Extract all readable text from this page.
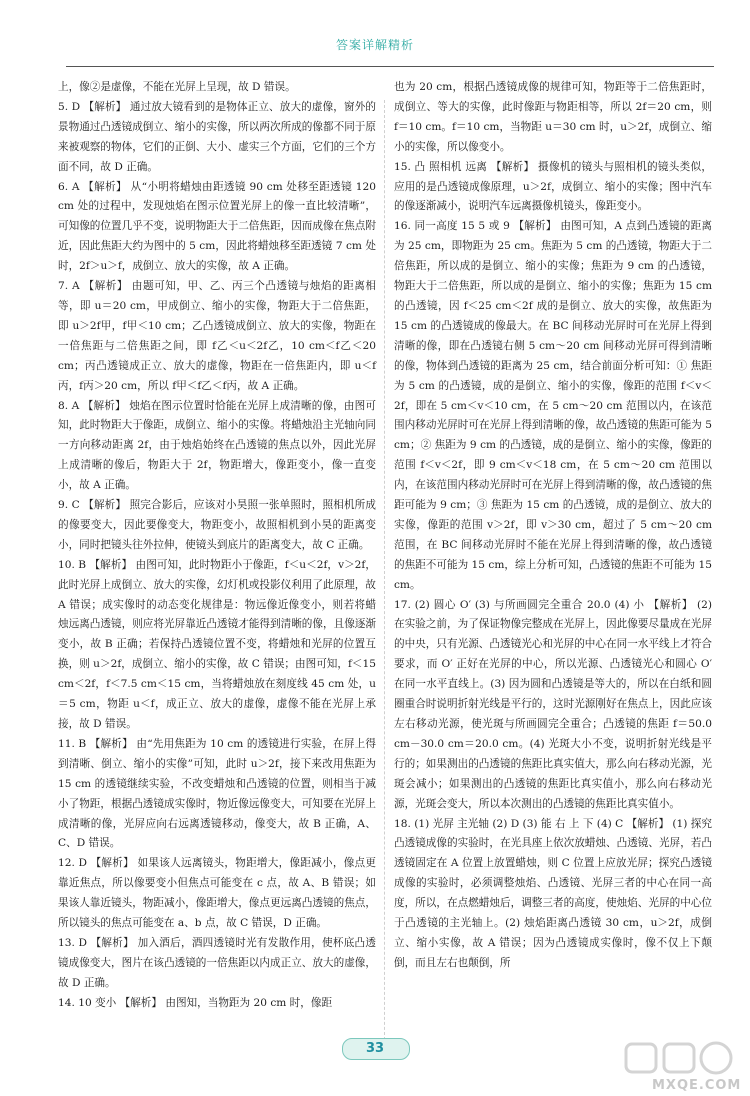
答案详解精析

上，像②是虚像，不能在光屏上呈现，故 D 错误。

5. D 【解析】 通过放大镜看到的是物体正立、放大的虚像，窗外的景物通过凸透镜成倒立、缩小的实像，所以两次所成的像都不同于原来被观察的物体，它们的正倒、大小、虚实三个方面，它们的三个方面不同，故 D 正确。

6. A 【解析】 从“小明将蜡烛由距透镜 90 cm 处移至距透镜 120 cm 处的过程中，发现烛焰在图示位置光屏上的像一直比较清晰”，可知像的位置几乎不变，说明物距大于二倍焦距，因而成像在焦点附近，因此焦距大约为图中的 5 cm，因此将蜡烛移至距透镜 7 cm 处时，2f＞u＞f，成倒立、放大的实像，故 A 正确。

7. A 【解析】 由题可知，甲、乙、丙三个凸透镜与烛焰的距离相等，即 u＝20 cm，甲成倒立、缩小的实像，物距大于二倍焦距，即 u＞2f甲，f甲＜10 cm；乙凸透镜成倒立、放大的实像，物距在一倍焦距与二倍焦距之间，即 f乙＜u＜2f乙，10 cm＜f乙＜20 cm；丙凸透镜成正立、放大的虚像，物距在一倍焦距内，即 u＜f丙，f丙＞20 cm，所以 f甲＜f乙＜f丙，故 A 正确。

8. A 【解析】 烛焰在图示位置时恰能在光屏上成清晰的像，由图可知，此时物距大于像距，成倒立、缩小的实像。将蜡烛沿主光轴向同一方向移动距离 2f，由于烛焰始终在凸透镜的焦点以外，因此光屏上成清晰的像后，物距大于 2f，物距增大，像距变小，像一直变小，故 A 正确。

9. C 【解析】 照完合影后，应该对小昊照一张单照时，照相机所成的像要变大，因此要像变大，物距变小，故照相机到小昊的距离变小，同时把镜头往外拉伸，使镜头到底片的距离变大，故 C 正确。

10. B 【解析】 由图可知，此时物距小于像距，f＜u＜2f，v＞2f，此时光屏上成倒立、放大的实像，幻灯机或投影仪利用了此原理，故 A 错误；成实像时的动态变化规律是：物远像近像变小，则若将蜡烛远离凸透镜，则应将光屏靠近凸透镜才能得到清晰的像，且像逐渐变小，故 B 正确；若保持凸透镜位置不变，将蜡烛和光屏的位置互换，则 u＞2f，成倒立、缩小的实像，故 C 错误；由图可知，f＜15 cm＜2f，f＜7.5 cm＜15 cm，当将蜡烛放在刻度线 45 cm 处，u＝5 cm，物距 u＜f，成正立、放大的虚像，虚像不能在光屏上承接，故 D 错误。

11. B 【解析】 由“先用焦距为 10 cm 的透镜进行实验，在屏上得到清晰、倒立、缩小的实像”可知，此时 u＞2f，接下来改用焦距为 15 cm 的透镜继续实验，不改变蜡烛和凸透镜的位置，则相当于减小了物距，根据凸透镜成实像时，物近像远像变大，可知要在光屏上成清晰的像，光屏应向右远离透镜移动，像变大，故 B 正确，A、C、D 错误。

12. D 【解析】 如果该人远离镜头，物距增大，像距减小，像点更靠近焦点，所以像要变小但焦点可能变在 c 点，故 A、B 错误；如果该人靠近镜头，物距减小，像距增大，像点更远离凸透镜的焦点，所以镜头的焦点可能变在 a、b 点，故 C 错误，D 正确。

13. D 【解析】 加入酒后，酒四透镜时光有发散作用，使杯底凸透镜成像变大，图片在该凸透镜的一倍焦距以内成正立、放大的虚像，故 D 正确。

14. 10 变小 【解析】 由图知，当物距为 20 cm 时，像距

也为 20 cm，根据凸透镜成像的规律可知，物距等于二倍焦距时，成倒立、等大的实像，此时像距与物距相等，所以 2f＝20 cm，则 f＝10 cm。f＝10 cm，当物距 u＝30 cm 时，u＞2f，成倒立、缩小的实像，所以像变小。

15. 凸 照相机 远离 【解析】 摄像机的镜头与照相机的镜头类似，应用的是凸透镜成像原理，u＞2f，成倒立、缩小的实像；图中汽车的像逐渐减小，说明汽车远离摄像机镜头，像距变小。

16. 同一高度 15 5 或 9 【解析】 由图可知，A 点到凸透镜的距离为 25 cm，即物距为 25 cm。焦距为 5 cm 的凸透镜，物距大于二倍焦距，所以成的是倒立、缩小的实像；焦距为 9 cm 的凸透镜，物距大于二倍焦距，所以成的是倒立、缩小的实像；焦距为 15 cm 的凸透镜，因 f＜25 cm＜2f 成的是倒立、放大的实像，故焦距为 15 cm 的凸透镜成的像最大。在 BC 间移动光屏时可在光屏上得到清晰的像，即在凸透镜右侧 5 cm～20 cm 间移动光屏可得到清晰的像，物体到凸透镜的距离为 25 cm，结合前面分析可知：① 焦距为 5 cm 的凸透镜，成的是倒立、缩小的实像，像距的范围 f＜v＜2f，即在 5 cm＜v＜10 cm，在 5 cm～20 cm 范围以内，在该范围内移动光屏时可在光屏上得到清晰的像，故凸透镜的焦距可能为 5 cm；② 焦距为 9 cm 的凸透镜，成的是倒立、缩小的实像，像距的范围 f＜v＜2f，即 9 cm＜v＜18 cm，在 5 cm～20 cm 范围以内，在该范围内移动光屏时可在光屏上得到清晰的像，故凸透镜的焦距可能为 9 cm；③ 焦距为 15 cm 的凸透镜，成的是倒立、放大的实像，像距的范围 v＞2f，即 v＞30 cm，超过了 5 cm～20 cm 范围，在 BC 间移动光屏时不能在光屏上得到清晰的像，故凸透镜的焦距不可能为 15 cm，综上分析可知，凸透镜的焦距不可能为 15 cm。

17. (2) 圆心 O′ (3) 与所画圆完全重合 20.0 (4) 小 【解析】 (2) 在实验之前，为了保证物像完整成在光屏上，因此像要尽量成在光屏的中央，只有光源、凸透镜光心和光屏的中心在同一水平线上才符合要求，而 O′ 正好在光屏的中心，所以光源、凸透镜光心和圆心 O′ 在同一水平直线上。(3) 因为圆和凸透镜是等大的，所以在白纸和圆圈重合时说明折射光线是平行的，这时光源刚好在焦点上，因此应该左右移动光源，使光斑与所画圆完全重合；凸透镜的焦距 f＝50.0 cm－30.0 cm＝20.0 cm。(4) 光斑大小不变，说明折射光线是平行的；如果测出的凸透镜的焦距比真实值大，那么向右移动光源，光斑会减小；如果测出的凸透镜的焦距比真实值小，那么向右移动光源，光斑会变大，所以本次测出的凸透镜的焦距比真实值小。

18. (1) 光屏 主光轴 (2) D (3) 能 右 上 下 (4) C 【解析】 (1) 探究凸透镜成像的实验时，在光具座上依次放蜡烛、凸透镜、光屏，若凸透镜固定在 A 位置上放置蜡烛，则 C 位置上应放光屏；探究凸透镜成像的实验时，必须调整烛焰、凸透镜、光屏三者的中心在同一高度，所以，在点燃蜡烛后，调整三者的高度，使烛焰、光屏的中心位于凸透镜的主光轴上。(2) 烛焰距离凸透镜 30 cm，u＞2f，成倒立、缩小实像，故 A 错误；因为凸透镜成实像时，像不仅上下颠倒，而且左右也颠倒，所

33
MXQE.COM
